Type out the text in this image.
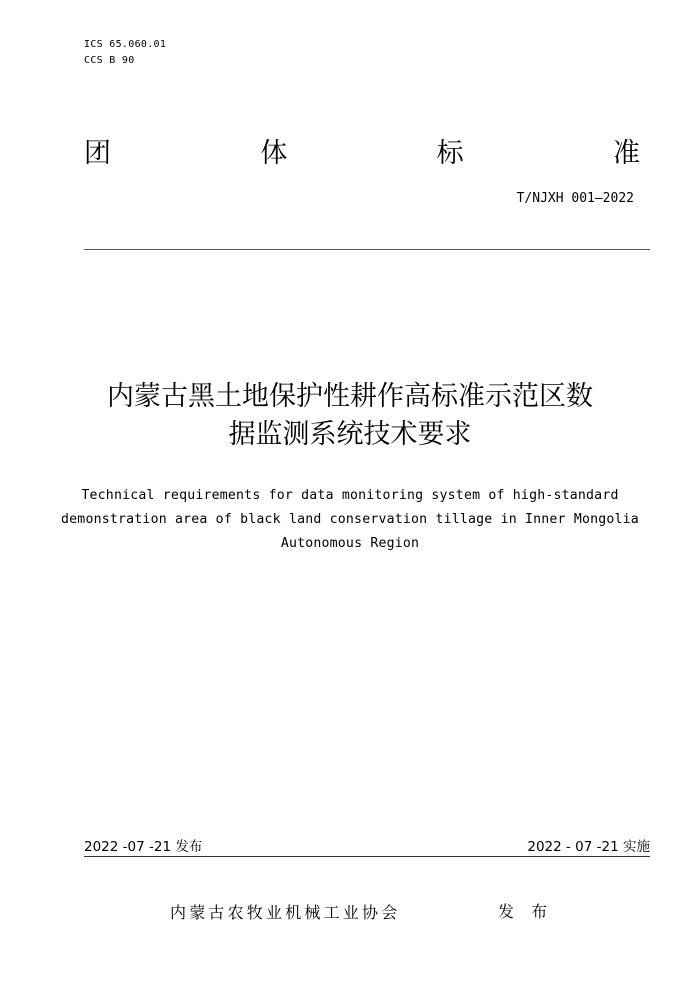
ICS 65.060.01
CCS B 90
团	体	标	准
T/NJXH 001—2022
内蒙古黑土地保护性耕作高标准示范区数
据监测系统技术要求
Technical requirements for data monitoring system of high-standard
demonstration area of black land conservation tillage in Inner Mongolia
Autonomous Region
2022 -07 -21 发布	2022 - 07 -21 实施
内蒙古农牧业机械工业协会	发 布
